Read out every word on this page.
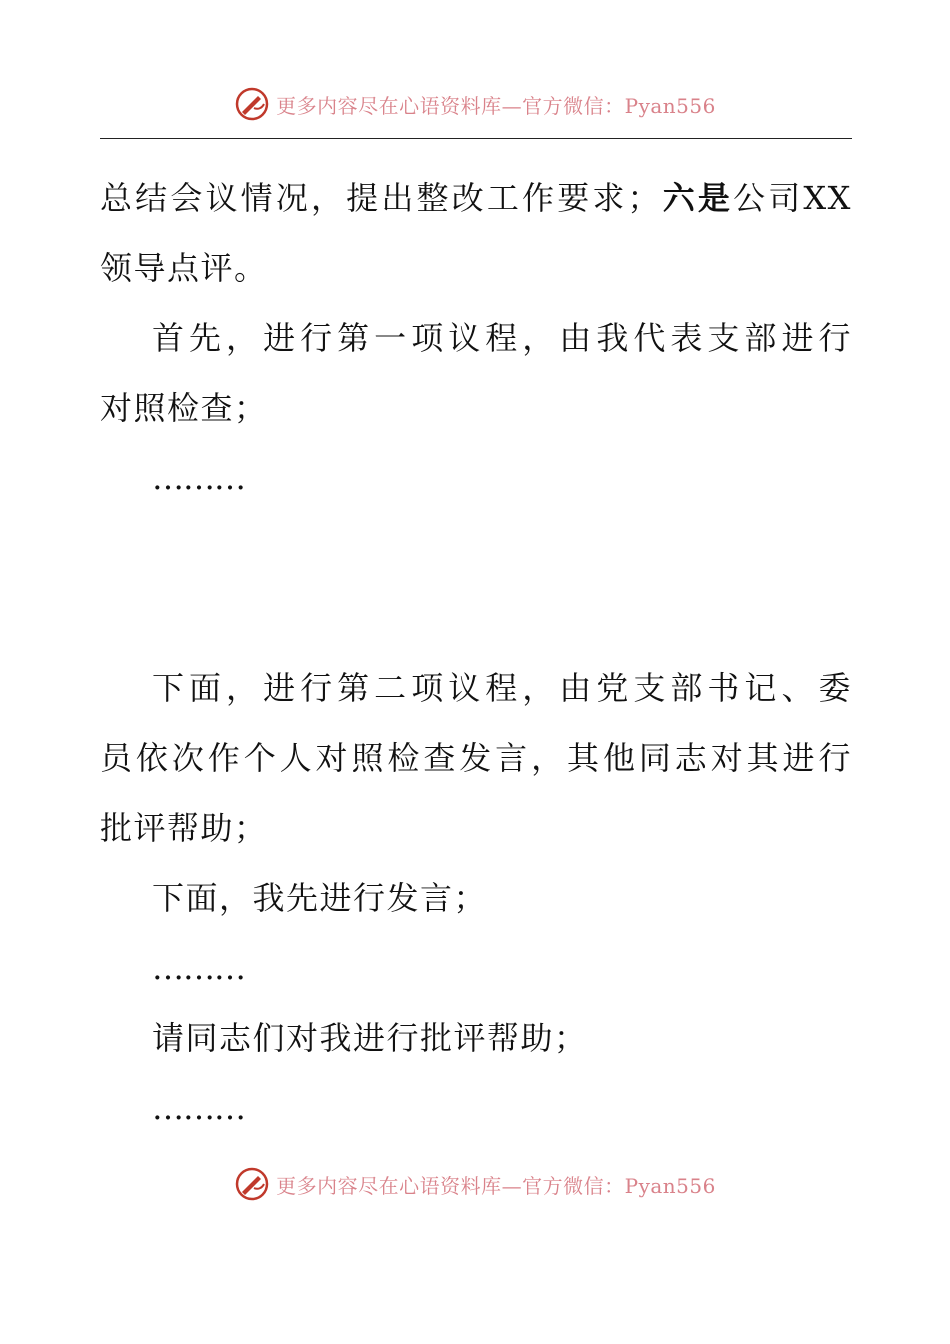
更多内容尽在心语资料库—官方微信：Pyan556
总结会议情况，提出整改工作要求；六是公司XX
领导点评。
首先，进行第一项议程，由我代表支部进行
对照检查；
………
下面，进行第二项议程，由党支部书记、委
员依次作个人对照检查发言，其他同志对其进行
批评帮助；
下面，我先进行发言；
………
请同志们对我进行批评帮助；
………
更多内容尽在心语资料库—官方微信：Pyan556
